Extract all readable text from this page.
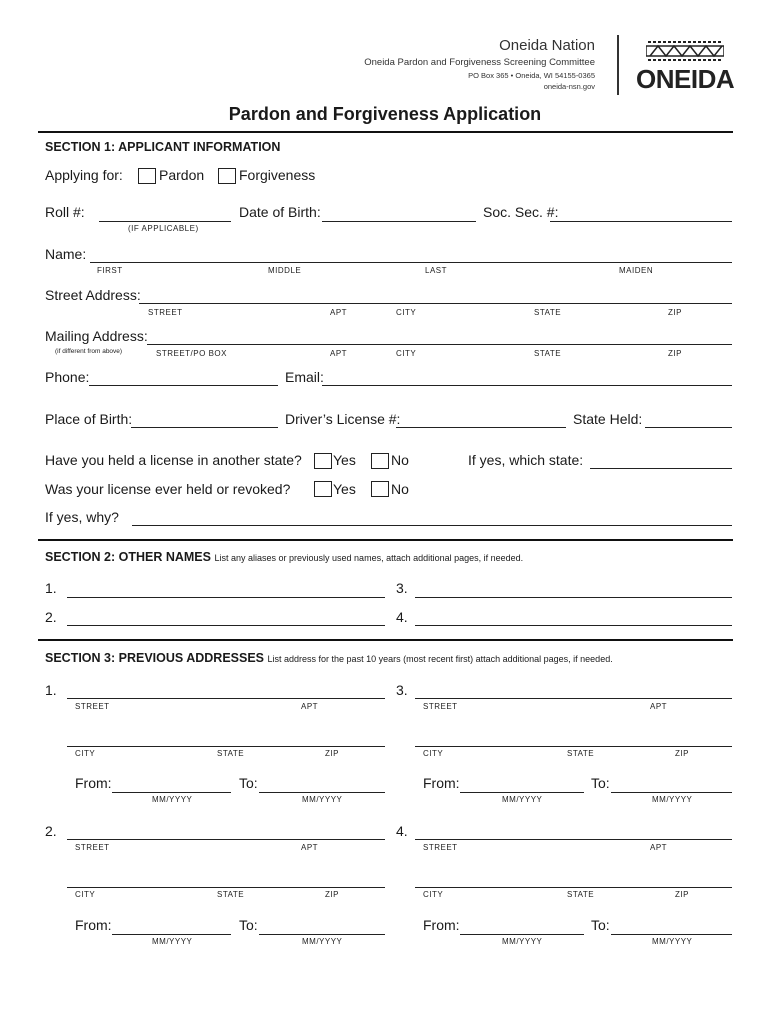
Oneida Nation
Oneida Pardon and Forgiveness Screening Committee
PO Box 365 • Oneida, WI 54155-0365
oneida-nsn.gov ONEIDA
Pardon and Forgiveness Application
SECTION 1: APPLICANT INFORMATION
Applying for:	Pardon Forgiveness
Roll #:
(IF APPLICABLE)
Date of Birth:	Soc. Sec. #:
Name:
FIRST	MIDDLE	LAST	MAIDEN
Street Address:
STREET	APT	CITY	STATE	ZIP
Mailing Address:
(if different from above)	STREET/PO BOX	APT	CITY	STATE	ZIP
Phone:	Email:
Place of Birth:	Driver’s License #:	State Held:
Have you held a license in another state? Yes	No	If yes, which state:
Was your license ever held or revoked?	Yes	No
If yes, why?
SECTION 2: OTHER NAMES List any aliases or previously used names, attach additional pages, if needed.
1.	3.
2.	4.
SECTION 3: PREVIOUS ADDRESSES List address for the past 10 years (most recent first) attach additional pages, if needed.
1.
STREET	APT
CITY	STATE	ZIP
From:
MM/YYYY
To:
MM/YYYY
3.
STREET	APT
CITY	STATE	ZIP
From:
MM/YYYY
To:
MM/YYYY
2.
STREET	APT
CITY	STATE	ZIP
From:
MM/YYYY
To:
MM/YYYY
4.
STREET	APT
CITY	STATE	ZIP
From:
MM/YYYY
To:
MM/YYYY
